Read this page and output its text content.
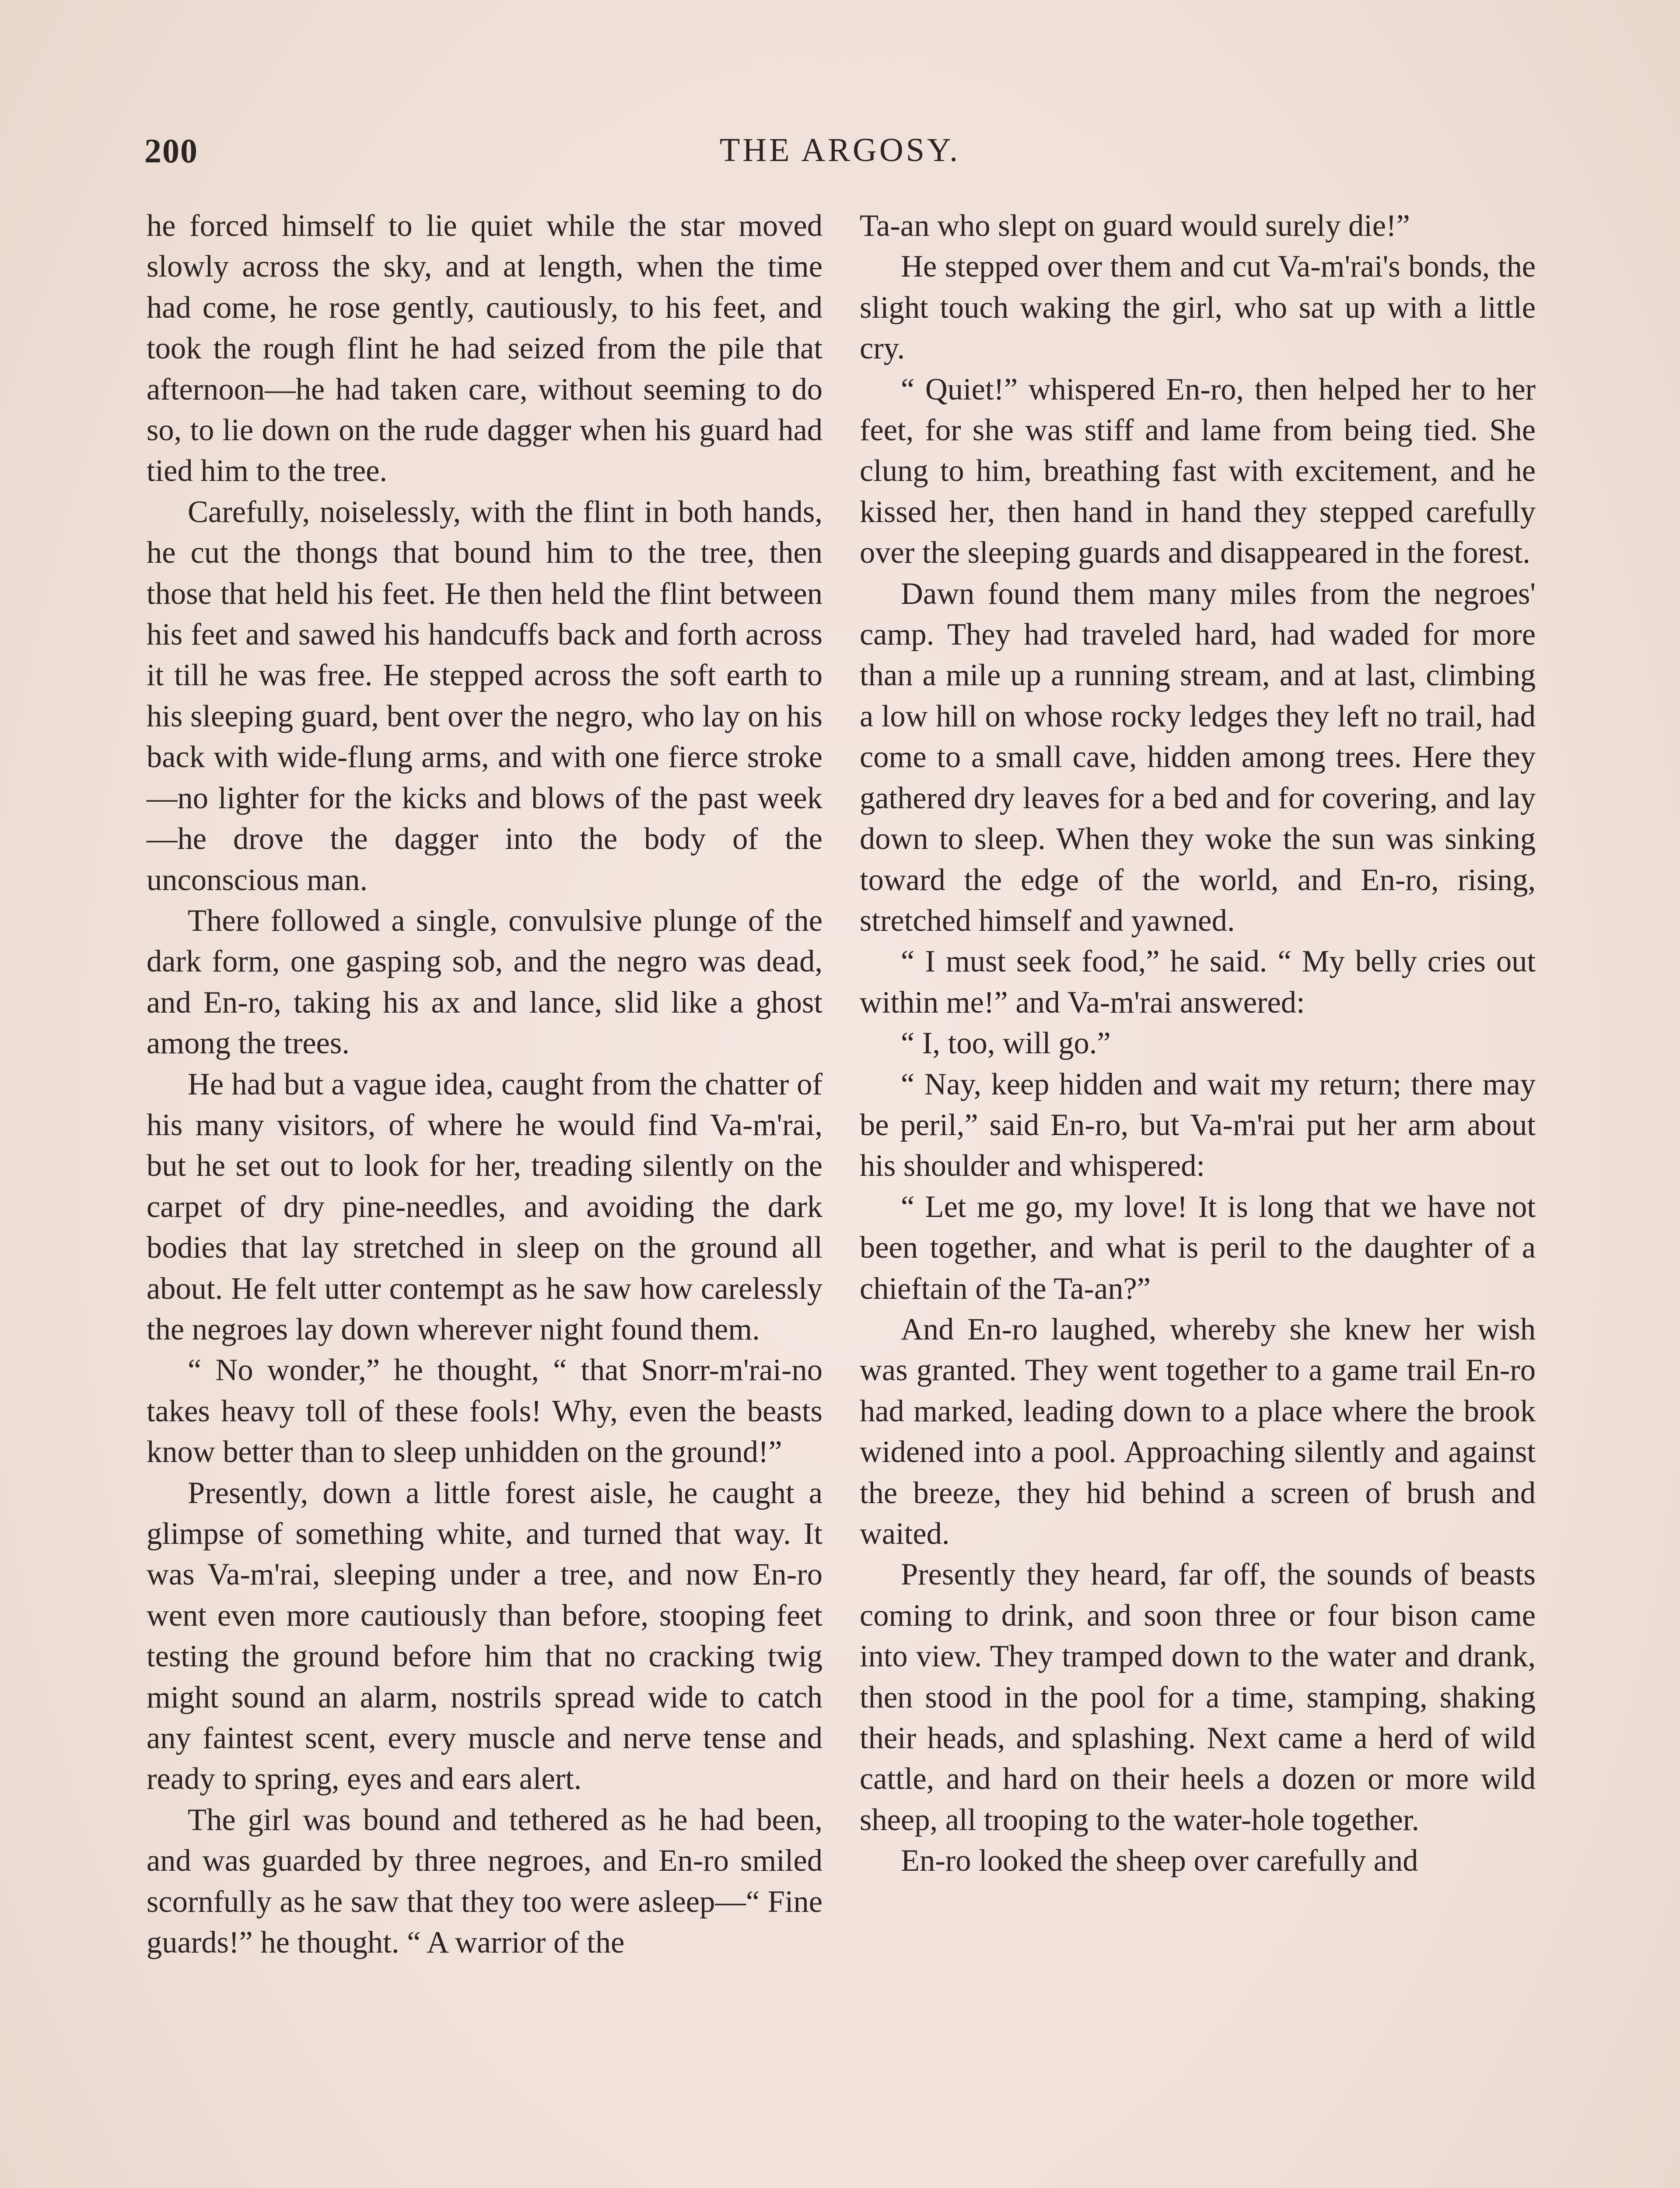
200	THE ARGOSY.

he forced himself to lie quiet while the star moved slowly across the sky, and at length, when the time had come, he rose gently, cautiously, to his feet, and took the rough flint he had seized from the pile that afternoon—he had taken care, without seeming to do so, to lie down on the rude dagger when his guard had tied him to the tree.

Carefully, noiselessly, with the flint in both hands, he cut the thongs that bound him to the tree, then those that held his feet. He then held the flint between his feet and sawed his handcuffs back and forth across it till he was free. He stepped across the soft earth to his sleeping guard, bent over the negro, who lay on his back with wide-flung arms, and with one fierce stroke—no lighter for the kicks and blows of the past week—he drove the dagger into the body of the unconscious man.

There followed a single, convulsive plunge of the dark form, one gasping sob, and the negro was dead, and En-ro, taking his ax and lance, slid like a ghost among the trees.

He had but a vague idea, caught from the chatter of his many visitors, of where he would find Va-m'rai, but he set out to look for her, treading silently on the carpet of dry pine-needles, and avoiding the dark bodies that lay stretched in sleep on the ground all about. He felt utter contempt as he saw how carelessly the negroes lay down wherever night found them.

“ No wonder,” he thought, “ that Snorr-m'rai-no takes heavy toll of these fools! Why, even the beasts know better than to sleep unhidden on the ground!”

Presently, down a little forest aisle, he caught a glimpse of something white, and turned that way. It was Va-m'rai, sleeping under a tree, and now En-ro went even more cautiously than before, stooping feet testing the ground before him that no cracking twig might sound an alarm, nostrils spread wide to catch any faintest scent, every muscle and nerve tense and ready to spring, eyes and ears alert.

The girl was bound and tethered as he had been, and was guarded by three negroes, and En-ro smiled scornfully as he saw that they too were asleep—“ Fine guards!” he thought. “ A warrior of the

Ta-an who slept on guard would surely die!”

He stepped over them and cut Va-m'rai's bonds, the slight touch waking the girl, who sat up with a little cry.

“ Quiet!” whispered En-ro, then helped her to her feet, for she was stiff and lame from being tied. She clung to him, breathing fast with excitement, and he kissed her, then hand in hand they stepped carefully over the sleeping guards and disappeared in the forest.

Dawn found them many miles from the negroes' camp. They had traveled hard, had waded for more than a mile up a running stream, and at last, climbing a low hill on whose rocky ledges they left no trail, had come to a small cave, hidden among trees. Here they gathered dry leaves for a bed and for covering, and lay down to sleep. When they woke the sun was sinking toward the edge of the world, and En-ro, rising, stretched himself and yawned.

“ I must seek food,” he said. “ My belly cries out within me!” and Va-m'rai answered:

“ I, too, will go.”

“ Nay, keep hidden and wait my return; there may be peril,” said En-ro, but Va-m'rai put her arm about his shoulder and whispered:

“ Let me go, my love! It is long that we have not been together, and what is peril to the daughter of a chieftain of the Ta-an?”

And En-ro laughed, whereby she knew her wish was granted. They went together to a game trail En-ro had marked, leading down to a place where the brook widened into a pool. Approaching silently and against the breeze, they hid behind a screen of brush and waited.

Presently they heard, far off, the sounds of beasts coming to drink, and soon three or four bison came into view. They tramped down to the water and drank, then stood in the pool for a time, stamping, shaking their heads, and splashing. Next came a herd of wild cattle, and hard on their heels a dozen or more wild sheep, all trooping to the water-hole together.

En-ro looked the sheep over carefully and
